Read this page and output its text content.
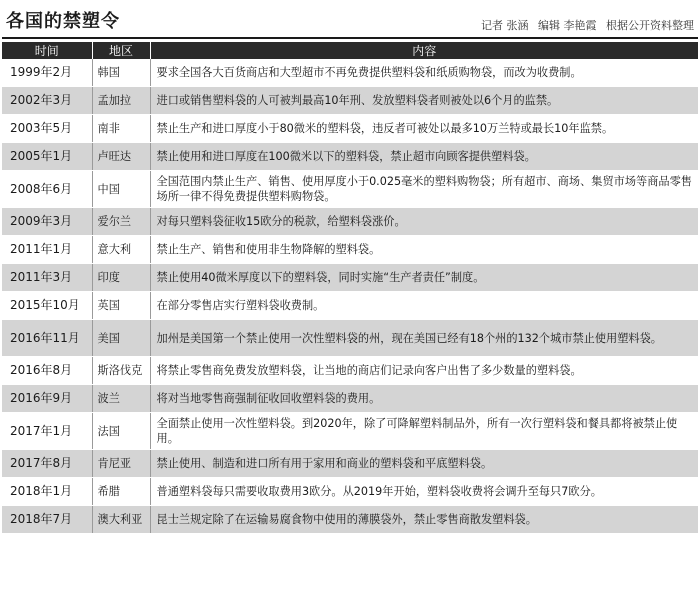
各国的禁塑令	记者 张涵 编辑 李艳霞 根据公开资料整理
时间	地区	内容
1999年2月	韩国	要求全国各大百货商店和大型超市不再免费提供塑料袋和纸质购物袋，而改为收费制。
2002年3月	孟加拉	进口或销售塑料袋的人可被判最高10年刑、发放塑料袋者则被处以6个月的监禁。
2003年5月	南非	禁止生产和进口厚度小于80微米的塑料袋，违反者可被处以最多10万兰特或最长10年监禁。
2005年1月	卢旺达	禁止使用和进口厚度在100微米以下的塑料袋，禁止超市向顾客提供塑料袋。
2008年6月	中国	全国范围内禁止生产、销售、使用厚度小于0.025毫米的塑料购物袋；所有超市、商场、集贸市场等商品零售场所一律不得免费提供塑料购物袋。
2009年3月	爱尔兰	对每只塑料袋征收15欧分的税款，给塑料袋涨价。
2011年1月	意大利	禁止生产、销售和使用非生物降解的塑料袋。
2011年3月	印度	禁止使用40微米厚度以下的塑料袋，同时实施“生产者责任”制度。
2015年10月	英国	在部分零售店实行塑料袋收费制。
2016年11月	美国	加州是美国第一个禁止使用一次性塑料袋的州，现在美国已经有18个州的132个城市禁止使用塑料袋。
2016年8月	斯洛伐克	将禁止零售商免费发放塑料袋，让当地的商店们记录向客户出售了多少数量的塑料袋。
2016年9月	波兰	将对当地零售商强制征收回收塑料袋的费用。
2017年1月	法国	全面禁止使用一次性塑料袋。到2020年，除了可降解塑料制品外，所有一次行塑料袋和餐具都将被禁止使用。
2017年8月	肯尼亚	禁止使用、制造和进口所有用于家用和商业的塑料袋和平底塑料袋。
2018年1月	希腊	普通塑料袋每只需要收取费用3欧分。从2019年开始，塑料袋收费将会调升至每只7欧分。
2018年7月	澳大利亚	昆士兰规定除了在运输易腐食物中使用的薄膜袋外，禁止零售商散发塑料袋。
